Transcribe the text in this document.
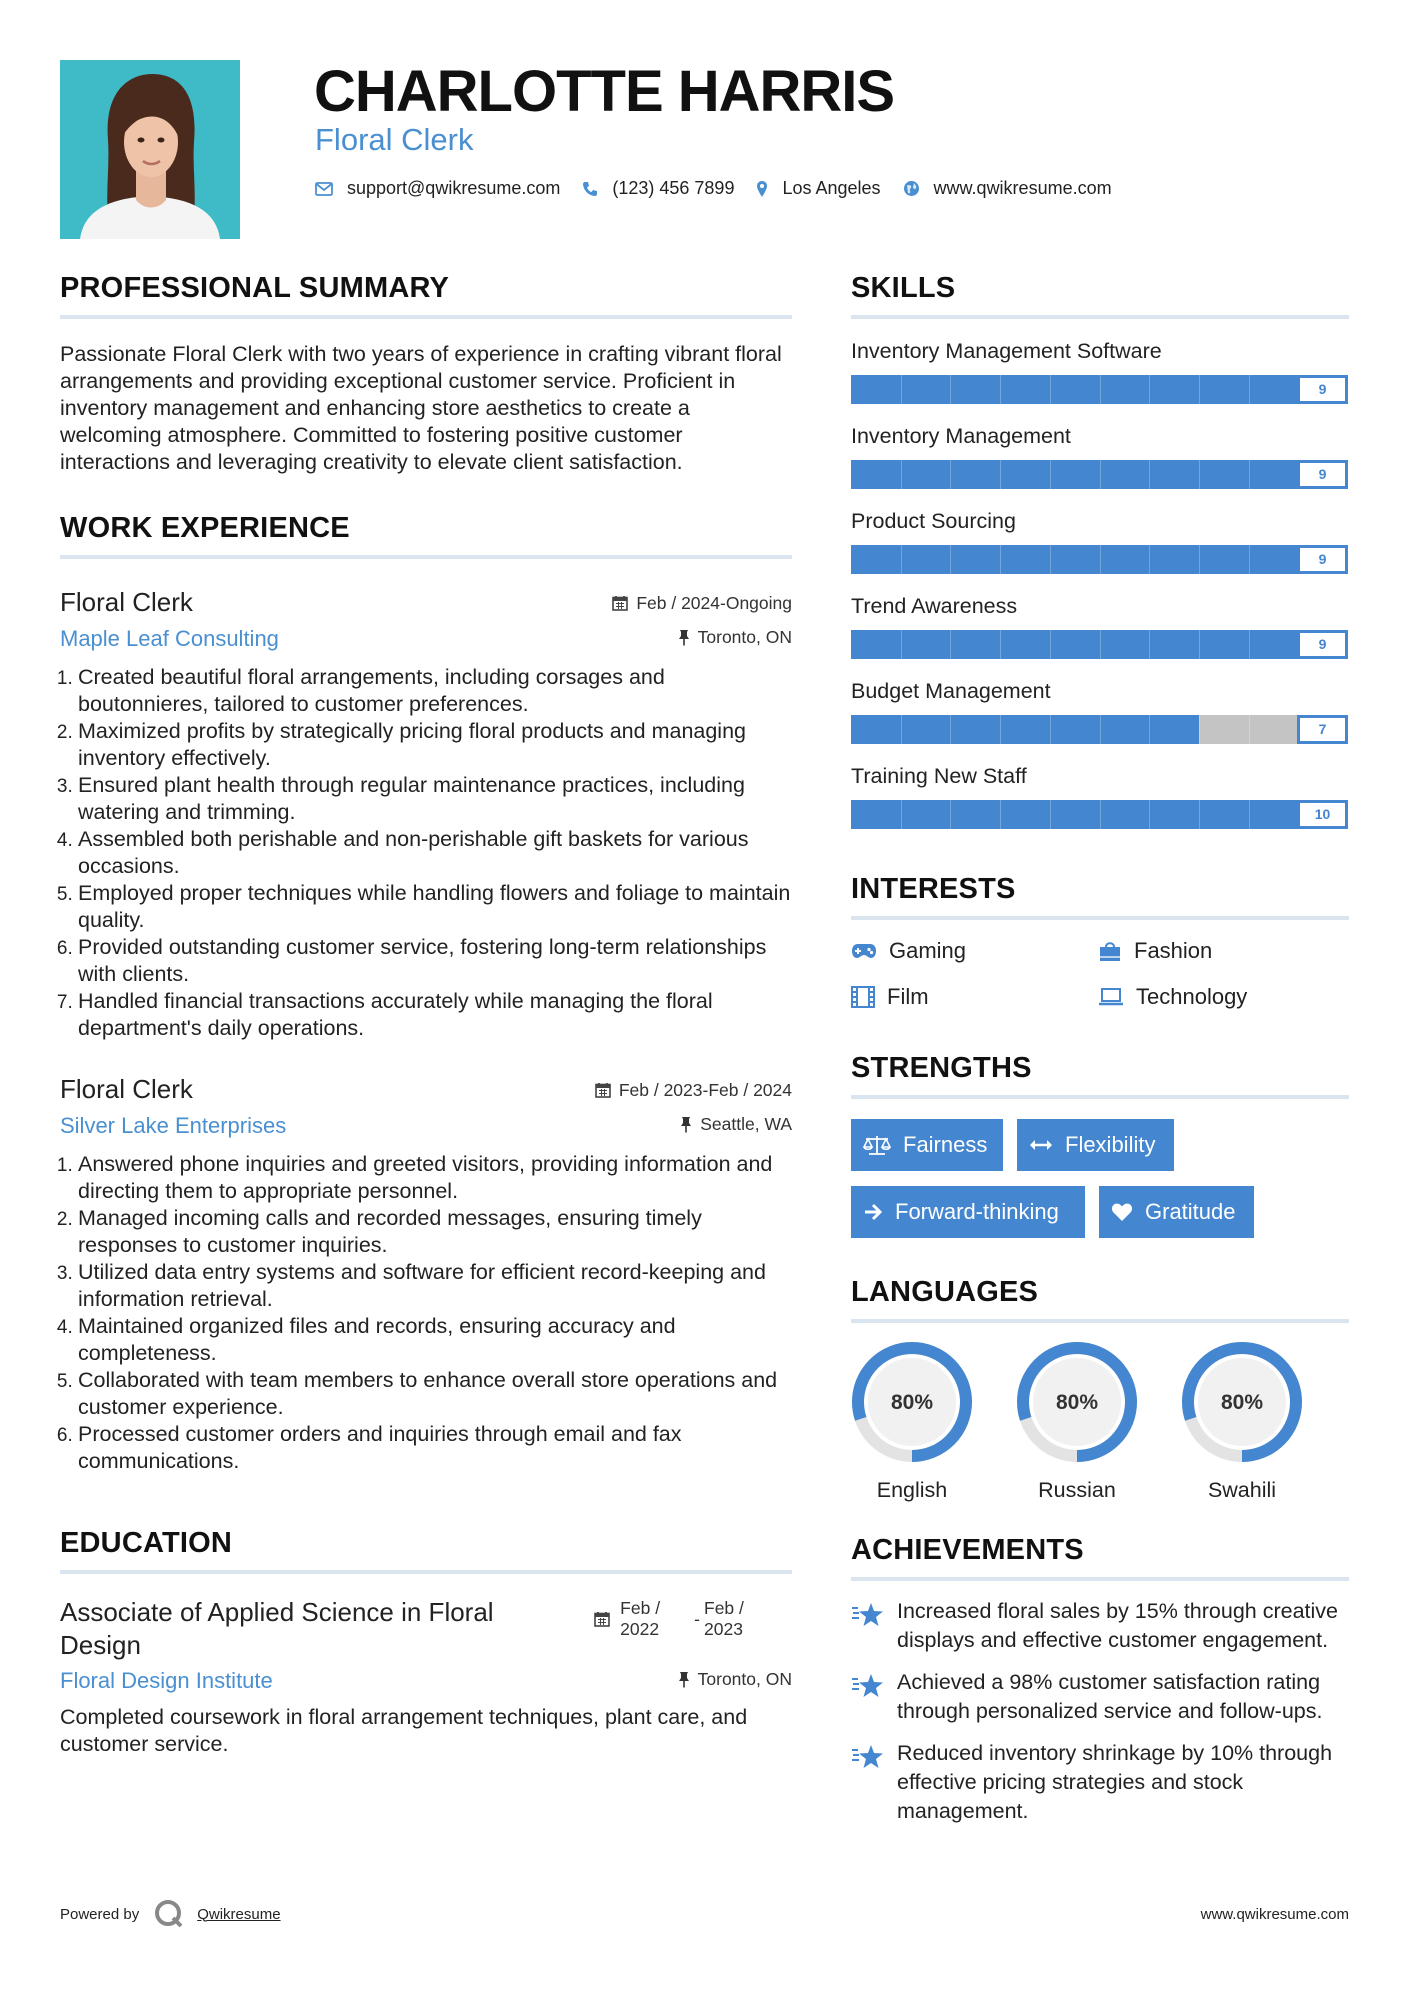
CHARLOTTE HARRIS
Floral Clerk
support@qwikresume.com	(123) 456 7899	Los Angeles	www.qwikresume.com
PROFESSIONAL SUMMARY

Passionate Floral Clerk with two years of experience in crafting vibrant floral arrangements and providing exceptional customer service. Proficient in inventory management and enhancing store aesthetics to create a welcoming atmosphere. Committed to fostering positive customer interactions and leveraging creativity to elevate client satisfaction.

WORK EXPERIENCE
Floral Clerk	Feb / 2024-Ongoing
Maple Leaf Consulting	Toronto, ON
1. Created beautiful floral arrangements, including corsages and boutonnieres, tailored to customer preferences.
2. Maximized profits by strategically pricing floral products and managing inventory effectively.
3. Ensured plant health through regular maintenance practices, including watering and trimming.
4. Assembled both perishable and non-perishable gift baskets for various occasions.
5. Employed proper techniques while handling flowers and foliage to maintain quality.
6. Provided outstanding customer service, fostering long-term relationships with clients.
7. Handled financial transactions accurately while managing the floral department's daily operations.
Floral Clerk	Feb / 2023-Feb / 2024
Silver Lake Enterprises	Seattle, WA
1. Answered phone inquiries and greeted visitors, providing information and directing them to appropriate personnel.
2. Managed incoming calls and recorded messages, ensuring timely responses to customer inquiries.
3. Utilized data entry systems and software for efficient record-keeping and information retrieval.
4. Maintained organized files and records, ensuring accuracy and completeness.
5. Collaborated with team members to enhance overall store operations and customer experience.
6. Processed customer orders and inquiries through email and fax communications.
EDUCATION
Associate of Applied Science in Floral Design
Feb / 2022
-
Feb / 2023
Floral Design Institute	Toronto, ON

Completed coursework in floral arrangement techniques, plant care, and customer service.

SKILLS
Inventory Management Software
9
Inventory Management
9
Product Sourcing
9
Trend Awareness
9
Budget Management
7
Training New Staff
10
INTERESTS
Gaming	Fashion
Film	Technology
STRENGTHS
Fairness	Flexibility
Forward-thinking	Gratitude
LANGUAGES
80%
English
80%
Russian
80%
Swahili
ACHIEVEMENTS
Increased floral sales by 15% through creative displays and effective customer engagement.
Achieved a 98% customer satisfaction rating through personalized service and follow-ups.
Reduced inventory shrinkage by 10% through effective pricing strategies and stock management.
Powered by	Qwikresume	www.qwikresume.com
